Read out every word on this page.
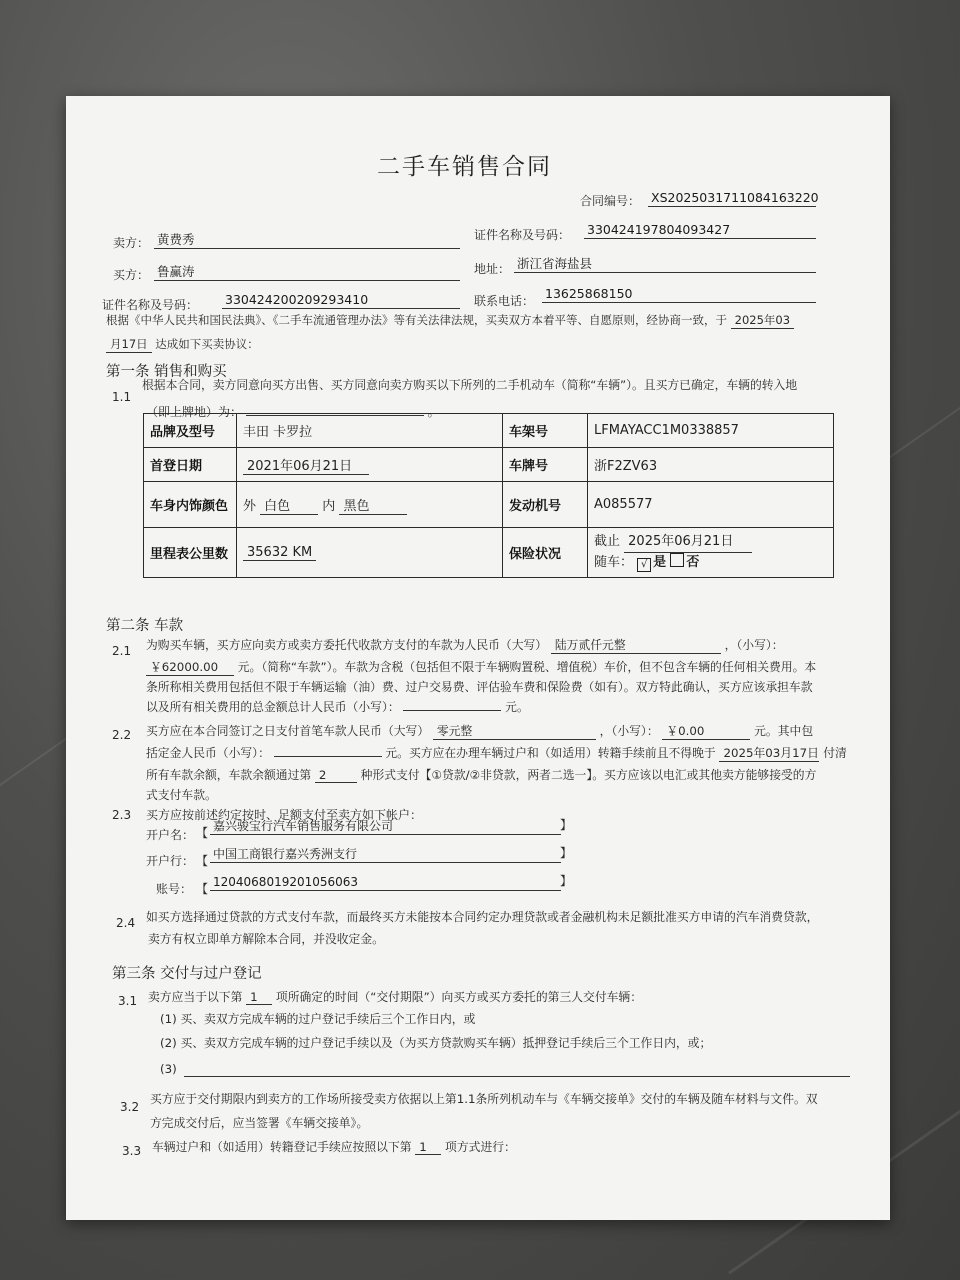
二手车销售合同
合同编号： XS2025031711084163220
卖方： 黄费秀	证件名称及号码： 330424197804093427
买方： 鲁赢涛	地址： 浙江省海盐县
证件名称及号码： 330424200209293410	联系电话： 13625868150
根据《中华人民共和国民法典》、《二手车流通管理办法》等有关法律法规，买卖双方本着平等、自愿原则，经协商一致，于 2025年03
月17日 达成如下买卖协议：
第一条 销售和购买
1.1
根据本合同，卖方同意向买方出售、买方同意向卖方购买以下所列的二手机动车（简称“车辆”）。且买方已确定，车辆的转入地
（即上牌地）为：	。
品牌及型号	丰田 卡罗拉	车架号	LFMAYACC1M0338857
首登日期	2021年06月21日	车牌号	浙F2ZV63
车身内饰颜色	外 白色 内 黑色	发动机号	A085577
里程表公里数	35632 KM	保险状况	截止 2025年06月21日
随车： √ 是 否
第二条 车款
2.1 为购买车辆，买方应向卖方或卖方委托代收款方支付的车款为人民币（大写） 陆万贰仟元整	，（小写）：
￥62000.00 元。（简称“车款”）。车款为含税（包括但不限于车辆购置税、增值税）车价，但不包含车辆的任何相关费用。本
条所称相关费用包括但不限于车辆运输（油）费、过户交易费、评估验车费和保险费（如有）。双方特此确认，买方应该承担车款
以及所有相关费用的总金额总计人民币（小写）：	元。
2.2 买方应在本合同签订之日支付首笔车款人民币（大写） 零元整	，（小写）： ￥0.00	元。其中包
括定金人民币（小写）：	元。买方应在办理车辆过户和（如适用）转籍手续前且不得晚于 2025年03月17日 付清
所有车款余额，车款余额通过第 2	种形式支付【①贷款/②非贷款，两者二选一】。买方应该以电汇或其他卖方能够接受的方
式支付车款。
2.3 买方应按前述约定按时、足额支付至卖方如下帐户：
开户名： 【 嘉兴骏宝行汽车销售服务有限公司	】
开户行： 【 中国工商银行嘉兴秀洲支行	】
账号： 【 1204068019201056063	】
2.4 如买方选择通过贷款的方式支付车款，而最终买方未能按本合同约定办理贷款或者金融机构未足额批准买方申请的汽车消费贷款，
卖方有权立即单方解除本合同，并没收定金。
第三条 交付与过户登记
3.1 卖方应当于以下第 1 项所确定的时间（“交付期限”）向买方或买方委托的第三人交付车辆：
(1) 买、卖双方完成车辆的过户登记手续后三个工作日内，或
(2) 买、卖双方完成车辆的过户登记手续以及（为买方贷款购买车辆）抵押登记手续后三个工作日内，或；
(3)
3.2
买方应于交付期限内到卖方的工作场所接受卖方依据以上第1.1条所列机动车与《车辆交接单》交付的车辆及随车材料与文件。双
方完成交付后，应当签署《车辆交接单》。
3.3 车辆过户和（如适用）转籍登记手续应按照以下第 1 项方式进行：
